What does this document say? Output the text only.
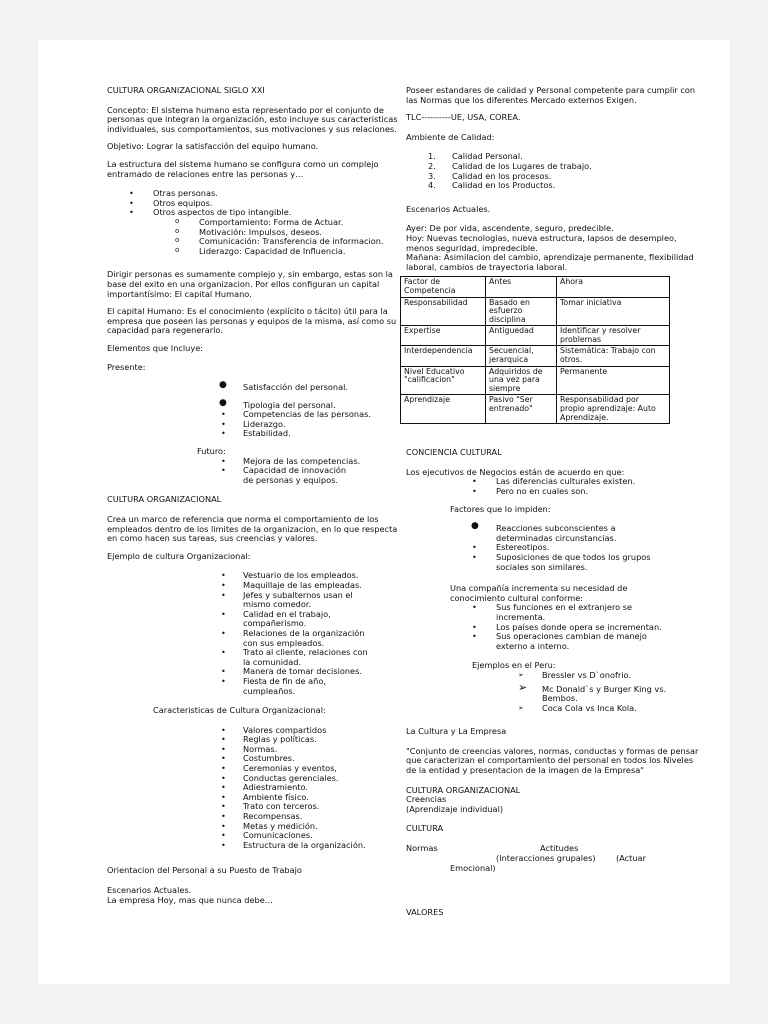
CULTURA ORGANIZACIONAL SIGLO XXI

Concepto: El sistema humano esta representado por el conjunto de personas que integran la organización, esto incluye sus caracteristicas individuales, sus comportamientos, sus motivaciones y sus relaciones.

Objetivo: Lograr la satisfacción del equipo humano.

La estructura del sistema humano se configura como un complejo entramado de relaciones entre las personas y…

• Otras personas.
• Otros equipos.
• Otros aspectos de tipo intangible.
o Comportamiento: Forma de Actuar.
o Motivación: Impulsos, deseos.
o Comunicación: Transferencia de informacion.
o Liderazgo: Capacidad de Influencia.

Dirigir personas es sumamente complejo y, sin embargo, estas son la base del exito en una organizacion. Por ellos configuran un capital importantísimo: El capital Humano.

El capital Humano: Es el conocimiento (explícito o tácito) útil para la empresa que poseen las personas y equipos de la misma, así como su capacidad para regenerarlo.

Elementos que Incluye:

Presente:

● Satisfacción del personal.
● Tipologia del personal.
• Competencias de las personas.
• Liderazgo.
• Estabilidad.
Futuro:
• Mejora de las competencias.
• Capacidad de innovación de personas y equipos.

CULTURA ORGANIZACIONAL

Crea un marco de referencia que norma el comportamiento de los empleados dentro de los limites de la organizacion, en lo que respecta en como hacen sus tareas, sus creencias y valores.

Ejemplo de cultura Organizacional:

• Vestuario de los empleados.
• Maquillaje de las empleadas.
• Jefes y subalternos usan el mismo comedor.
• Calidad en el trabajo, compañerismo.
• Relaciones de la organización con sus empleados.
• Trato al cliente, relaciones con la comunidad.
• Manera de tomar decisiones.
• Fiesta de fin de año, cumpleaños.

Caracteristicas de Cultura Organizacional:

• Valores compartidos
• Reglas y políticas.
• Normas.
• Costumbres.
• Ceremonias y eventos,
• Conductas gerenciales.
• Adiestramiento.
• Ambiente físico.
• Trato con terceros.
• Recompensas.
• Metas y medición.
• Comunicaciones.
• Estructura de la organización.

Orientacion del Personal a su Puesto de Trabajo

Escenarios Actuales.
La empresa Hoy, mas que nunca debe…

Poseer estandares de calidad y Personal competente para cumplir con las Normas que los diferentes Mercado externos Exigen.

TLC----------UE, USA, COREA.

Ambiente de Calidad:

1. Calidad Personal.
2. Calidad de los Lugares de trabajo.
3. Calidad en los procesos.
4. Calidad en los Productos.

Escenarios Actuales.

Ayer: De por vida, ascendente, seguro, predecible.
Hoy: Nuevas tecnologias, nueva estructura, lapsos de desempleo, menos seguridad, impredecible.

Mañana: Asimilacion del cambio, aprendizaje permanente, flexibilidad laboral, cambios de trayectoria laboral.

Factor de Competencia	Antes	Ahora
Responsabilidad	Basado en esfuerzo disciplina	Tomar iniciativa
Expertise	Antiguedad	Identificar y resolver problemas
Interdependencia	Secuencial, jerarquica	Sistemática: Trabajo con otros.
Nivel Educativo "calificacion"	Adquiridos de una vez para siempre	Permanente
Aprendizaje	Pasivo "Ser entrenado"	Responsabilidad por propio aprendizaje: Auto Aprendizaje.

CONCIENCIA CULTURAL

Los ejecutivos de Negocios están de acuerdo en que:
• Las diferencias culturales existen.
• Pero no en cuales son.

Factores que lo impiden:

● Reacciones subconscientes a determinadas circunstancias.
• Estereotipos.
• Suposiciones de que todos los grupos sociales son similares.
Una compañía incrementa su necesidad de conocimiento cultural conforme:
• Sus funciones en el extranjero se incrementa.
• Los países donde opera se incrementan.
• Sus operaciones cambian de manejo externo a interno.
Ejemplos en el Peru:
➢ Bressler vs D`onofrio.
➢ Mc Donald`s y Burger King vs. Bembos.
➢ Coca Cola vs Inca Kola.

La Cultura y La Empresa

"Conjunto de creencias valores, normas, conductas y formas de pensar que caracterizan el comportamiento del personal en todos los Niveles de la entidad y presentacion de la imagen de la Empresa"

CULTURA ORGANIZACIONAL
Creencias

(Aprendizaje individual)

CULTURA

Normas	Actitudes
(Interacciones grupales) (Actuar
Emocional)
VALORES
